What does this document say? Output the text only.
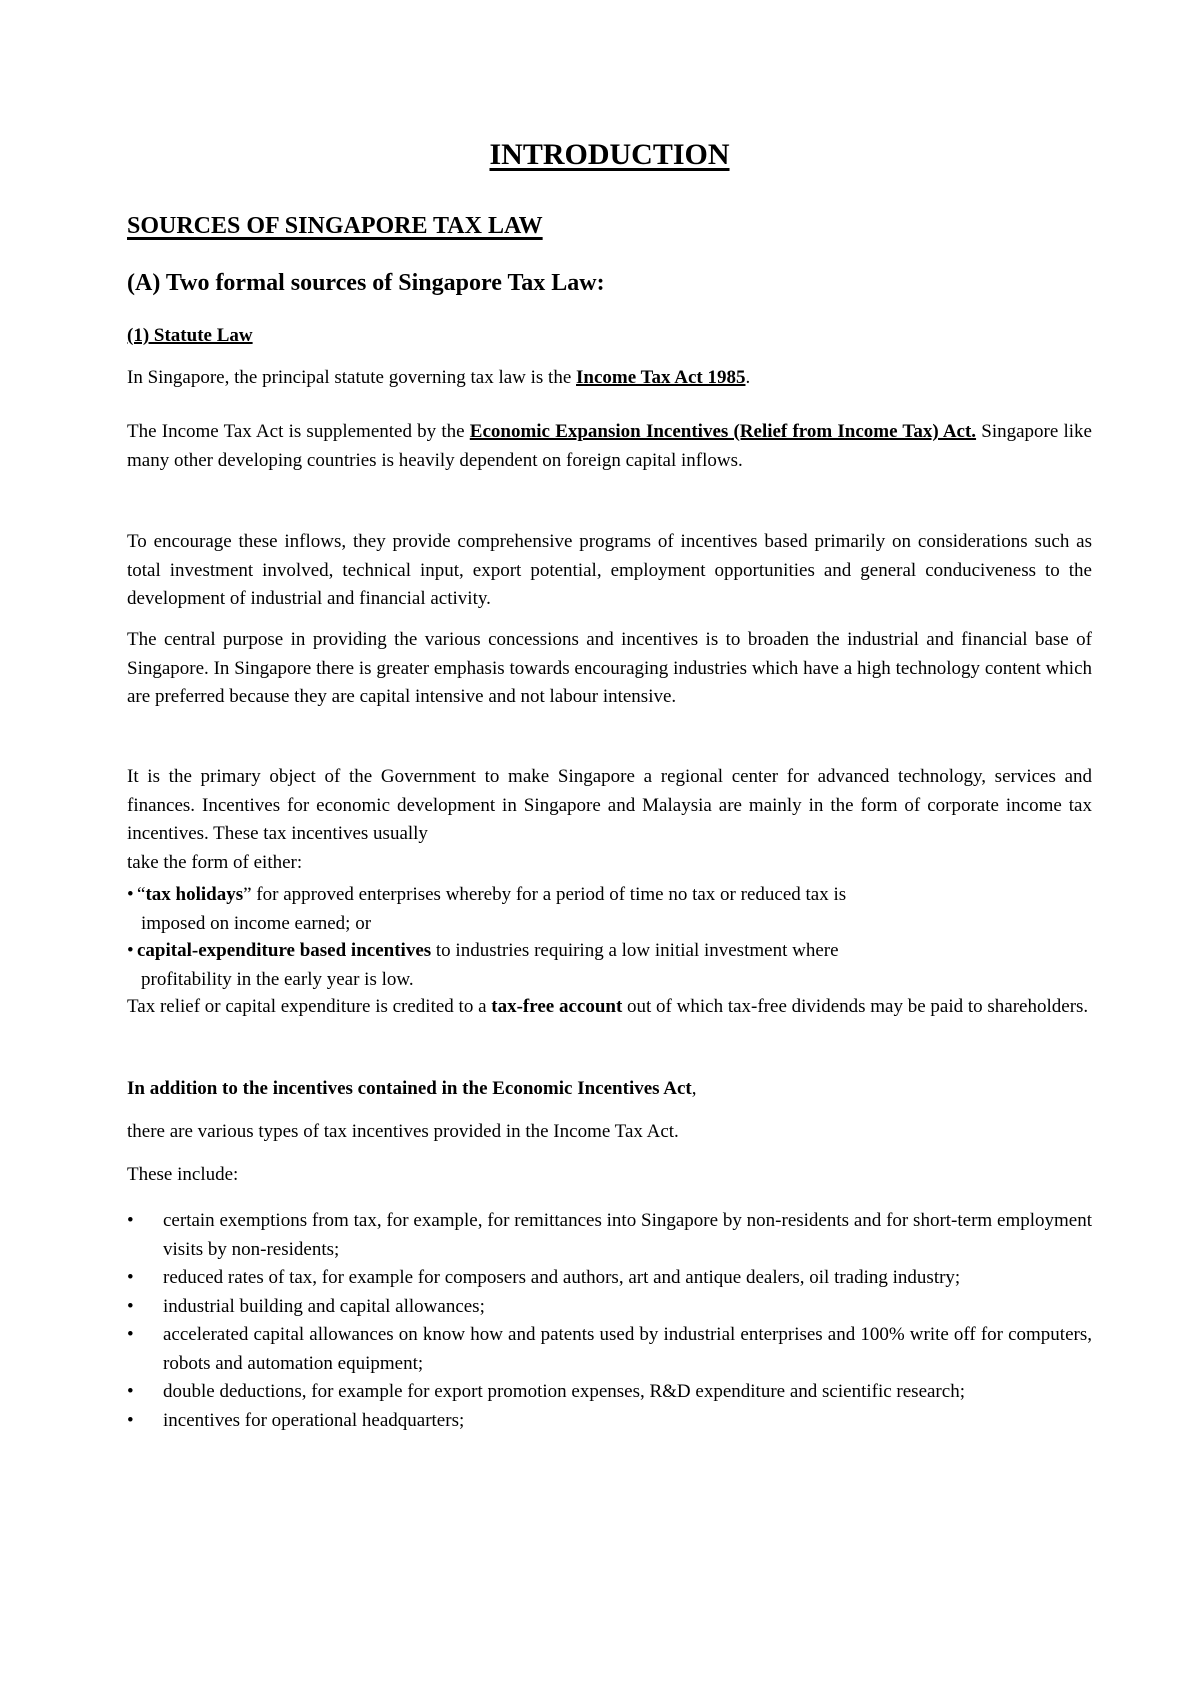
INTRODUCTION
SOURCES OF SINGAPORE TAX LAW
(A) Two formal sources of Singapore Tax Law:
(1) Statute Law
In Singapore, the principal statute governing tax law is the Income Tax Act 1985.
The Income Tax Act is supplemented by the Economic Expansion Incentives (Relief from Income Tax) Act. Singapore like many other developing countries is heavily dependent on foreign capital inflows.
To encourage these inflows, they provide comprehensive programs of incentives based primarily on considerations such as total investment involved, technical input, export potential, employment opportunities and general conduciveness to the development of industrial and financial activity.
The central purpose in providing the various concessions and incentives is to broaden the industrial and financial base of Singapore. In Singapore there is greater emphasis towards encouraging industries which have a high technology content which are preferred because they are capital intensive and not labour intensive.
It is the primary object of the Government to make Singapore a regional center for advanced technology, services and finances. Incentives for economic development in Singapore and Malaysia are mainly in the form of corporate income tax incentives. These tax incentives usually
take the form of either:
• “tax holidays” for approved enterprises whereby for a period of time no tax or reduced tax is
imposed on income earned; or
• capital-expenditure based incentives to industries requiring a low initial investment where
profitability in the early year is low.
Tax relief or capital expenditure is credited to a tax-free account out of which tax-free dividends may be paid to shareholders.
In addition to the incentives contained in the Economic Incentives Act,
there are various types of tax incentives provided in the Income Tax Act.
These include:
• certain exemptions from tax, for example, for remittances into Singapore by non-residents and for short-term employment visits by non-residents;
• reduced rates of tax, for example for composers and authors, art and antique dealers, oil trading industry;
• industrial building and capital allowances;
• accelerated capital allowances on know how and patents used by industrial enterprises and 100% write off for computers, robots and automation equipment;
• double deductions, for example for export promotion expenses, R&D expenditure and scientific research;
• incentives for operational headquarters;
